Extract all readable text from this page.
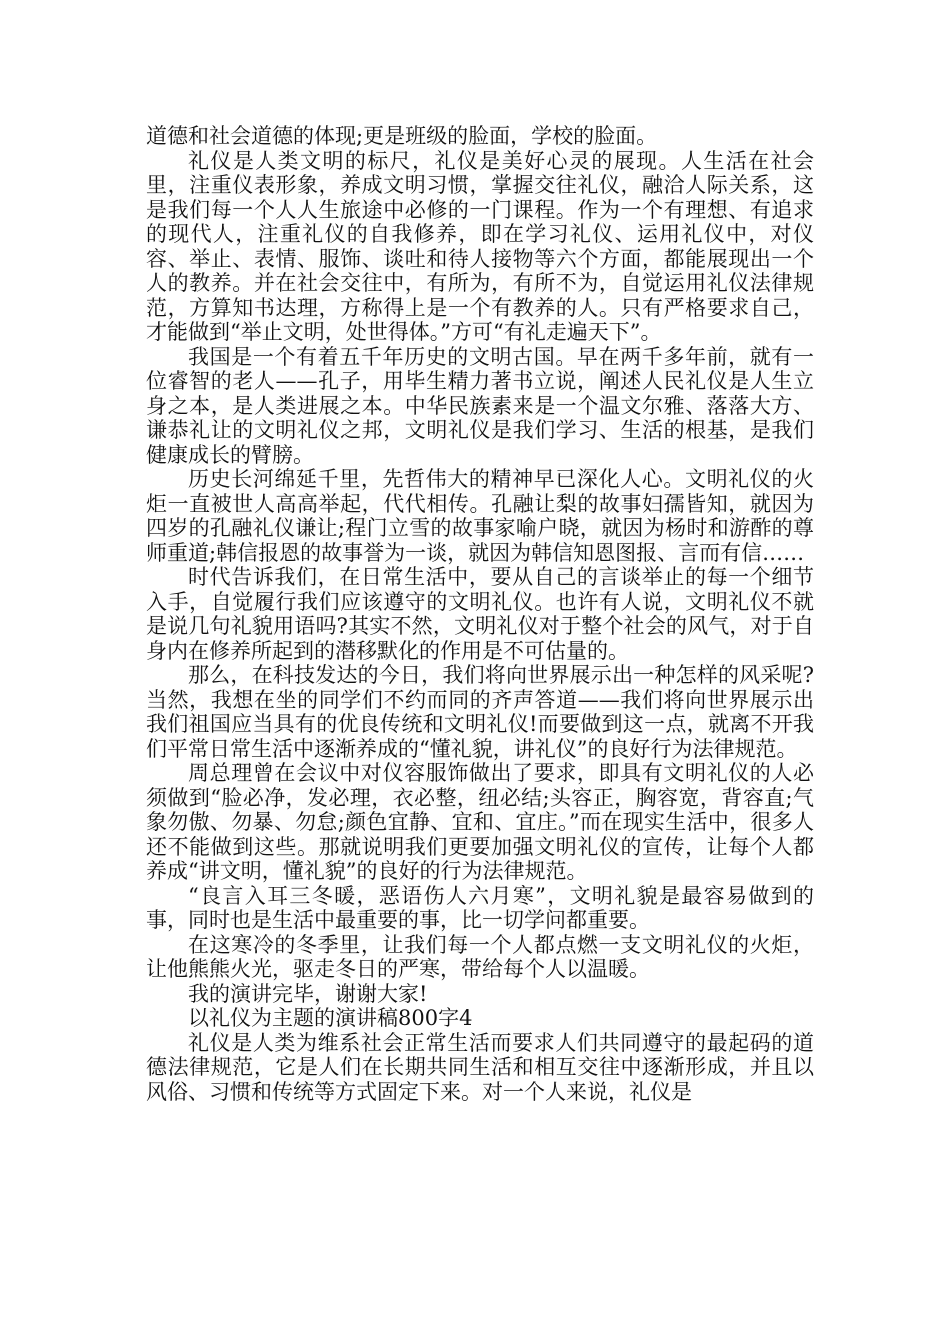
道德和社会道德的体现;更是班级的脸面，学校的脸面。

礼仪是人类文明的标尺，礼仪是美好心灵的展现。人生活在社会里，注重仪表形象，养成文明习惯，掌握交往礼仪，融洽人际关系，这是我们每一个人人生旅途中必修的一门课程。作为一个有理想、有追求的现代人，注重礼仪的自我修养，即在学习礼仪、运用礼仪中，对仪容、举止、表情、服饰、谈吐和待人接物等六个方面，都能展现出一个人的教养。并在社会交往中，有所为，有所不为，自觉运用礼仪法律规范，方算知书达理，方称得上是一个有教养的人。只有严格要求自己，才能做到“举止文明，处世得体。”方可“有礼走遍天下”。

我国是一个有着五千年历史的文明古国。早在两千多年前，就有一位睿智的老人——孔子，用毕生精力著书立说，阐述人民礼仪是人生立身之本，是人类进展之本。中华民族素来是一个温文尔雅、落落大方、谦恭礼让的文明礼仪之邦，文明礼仪是我们学习、生活的根基，是我们健康成长的臂膀。

历史长河绵延千里，先哲伟大的精神早已深化人心。文明礼仪的火炬一直被世人高高举起，代代相传。孔融让梨的故事妇孺皆知，就因为四岁的孔融礼仪谦让;程门立雪的故事家喻户晓，就因为杨时和游酢的尊师重道;韩信报恩的故事誉为一谈，就因为韩信知恩图报、言而有信……

时代告诉我们，在日常生活中，要从自己的言谈举止的每一个细节入手，自觉履行我们应该遵守的文明礼仪。也许有人说，文明礼仪不就是说几句礼貌用语吗?其实不然，文明礼仪对于整个社会的风气，对于自身内在修养所起到的潜移默化的作用是不可估量的。

那么，在科技发达的今日，我们将向世界展示出一种怎样的风采呢?当然，我想在坐的同学们不约而同的齐声答道——我们将向世界展示出我们祖国应当具有的优良传统和文明礼仪!而要做到这一点，就离不开我们平常日常生活中逐渐养成的“懂礼貌，讲礼仪”的良好行为法律规范。

周总理曾在会议中对仪容服饰做出了要求，即具有文明礼仪的人必须做到“脸必净，发必理，衣必整，纽必结;头容正，胸容宽，背容直;气象勿傲、勿暴、勿怠;颜色宜静、宜和、宜庄。”而在现实生活中，很多人还不能做到这些。那就说明我们更要加强文明礼仪的宣传，让每个人都养成“讲文明，懂礼貌”的良好的行为法律规范。

“良言入耳三冬暖，恶语伤人六月寒”，文明礼貌是最容易做到的事，同时也是生活中最重要的事，比一切学问都重要。

在这寒冷的冬季里，让我们每一个人都点燃一支文明礼仪的火炬，让他熊熊火光，驱走冬日的严寒，带给每个人以温暖。

我的演讲完毕，谢谢大家!

以礼仪为主题的演讲稿800字4

礼仪是人类为维系社会正常生活而要求人们共同遵守的最起码的道德法律规范，它是人们在长期共同生活和相互交往中逐渐形成，并且以风俗、习惯和传统等方式固定下来。对一个人来说，礼仪是
